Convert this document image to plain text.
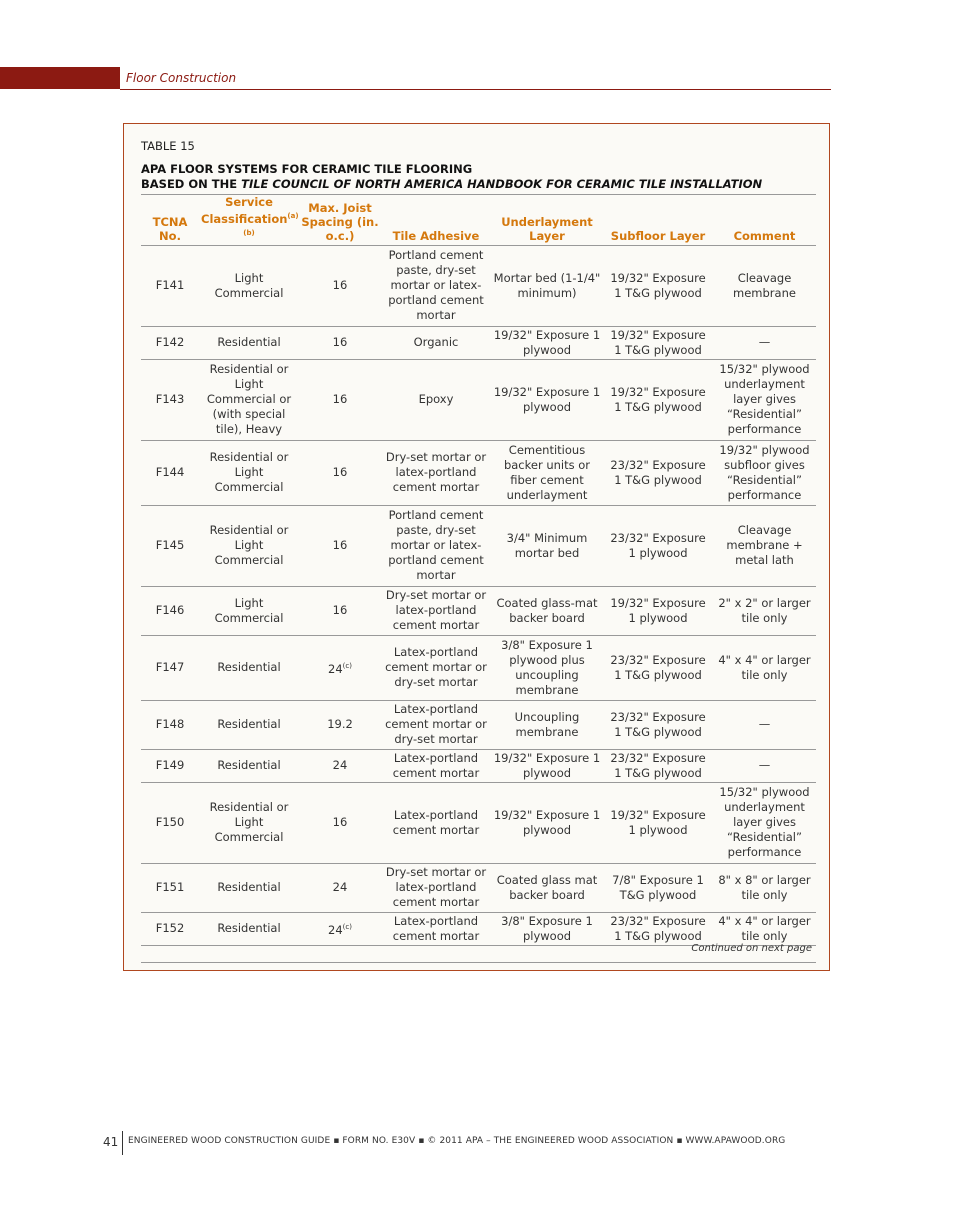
Floor Construction
TABLE 15
APA FLOOR SYSTEMS FOR CERAMIC TILE FLOORING
BASED ON THE TILE COUNCIL OF NORTH AMERICA HANDBOOK FOR CERAMIC TILE INSTALLATION
TCNA No.	Service Classification$^{(a)(b)}$	Max. Joist Spacing (in. o.c.)	Tile Adhesive	Underlayment Layer	Subfloor Layer	Comment
F141	Light Commercial	16	Portland cement paste, dry-set mortar or latex-portland cement mortar	Mortar bed (1-1/4" minimum)	19/32" Exposure 1 T&G plywood	Cleavage membrane
F142	Residential	16	Organic	19/32" Exposure 1 plywood	19/32" Exposure 1 T&G plywood	—
F143	Residential or Light Commercial or (with special tile), Heavy	16	Epoxy	19/32" Exposure 1 plywood	19/32" Exposure 1 T&G plywood	15/32" plywood underlayment layer gives “Residential” performance
F144	Residential or Light Commercial	16	Dry-set mortar or latex-portland cement mortar	Cementitious backer units or fiber cement underlayment	23/32" Exposure 1 T&G plywood	19/32" plywood subfloor gives “Residential” performance
F145	Residential or Light Commercial	16	Portland cement paste, dry-set mortar or latex-portland cement mortar	3/4" Minimum mortar bed	23/32" Exposure 1 plywood	Cleavage membrane + metal lath
F146	Light Commercial	16	Dry-set mortar or latex-portland cement mortar	Coated glass-mat backer board	19/32" Exposure 1 plywood	2" x 2" or larger tile only
F147	Residential	24$^{(c)}$	Latex-portland cement mortar or dry-set mortar	3/8" Exposure 1 plywood plus uncoupling membrane	23/32" Exposure 1 T&G plywood	4" x 4" or larger tile only
F148	Residential	19.2	Latex-portland cement mortar or dry-set mortar	Uncoupling membrane	23/32" Exposure 1 T&G plywood	—
F149	Residential	24	Latex-portland cement mortar	19/32" Exposure 1 plywood	23/32" Exposure 1 T&G plywood	—
F150	Residential or Light Commercial	16	Latex-portland cement mortar	19/32" Exposure 1 plywood	19/32" Exposure 1 plywood	15/32" plywood underlayment layer gives “Residential” performance
F151	Residential	24	Dry-set mortar or latex-portland cement mortar	Coated glass mat backer board	7/8" Exposure 1 T&G plywood	8" x 8" or larger tile only
F152	Residential	24$^{(c)}$	Latex-portland cement mortar	3/8" Exposure 1 plywood	23/32" Exposure 1 T&G plywood	4" x 4" or larger tile only
Continued on next page
41 ENGINEERED WOOD CONSTRUCTION GUIDE ▪ FORM NO. E30V ▪ © 2011 APA – THE ENGINEERED WOOD ASSOCIATION ▪ WWW.APAWOOD.ORG
